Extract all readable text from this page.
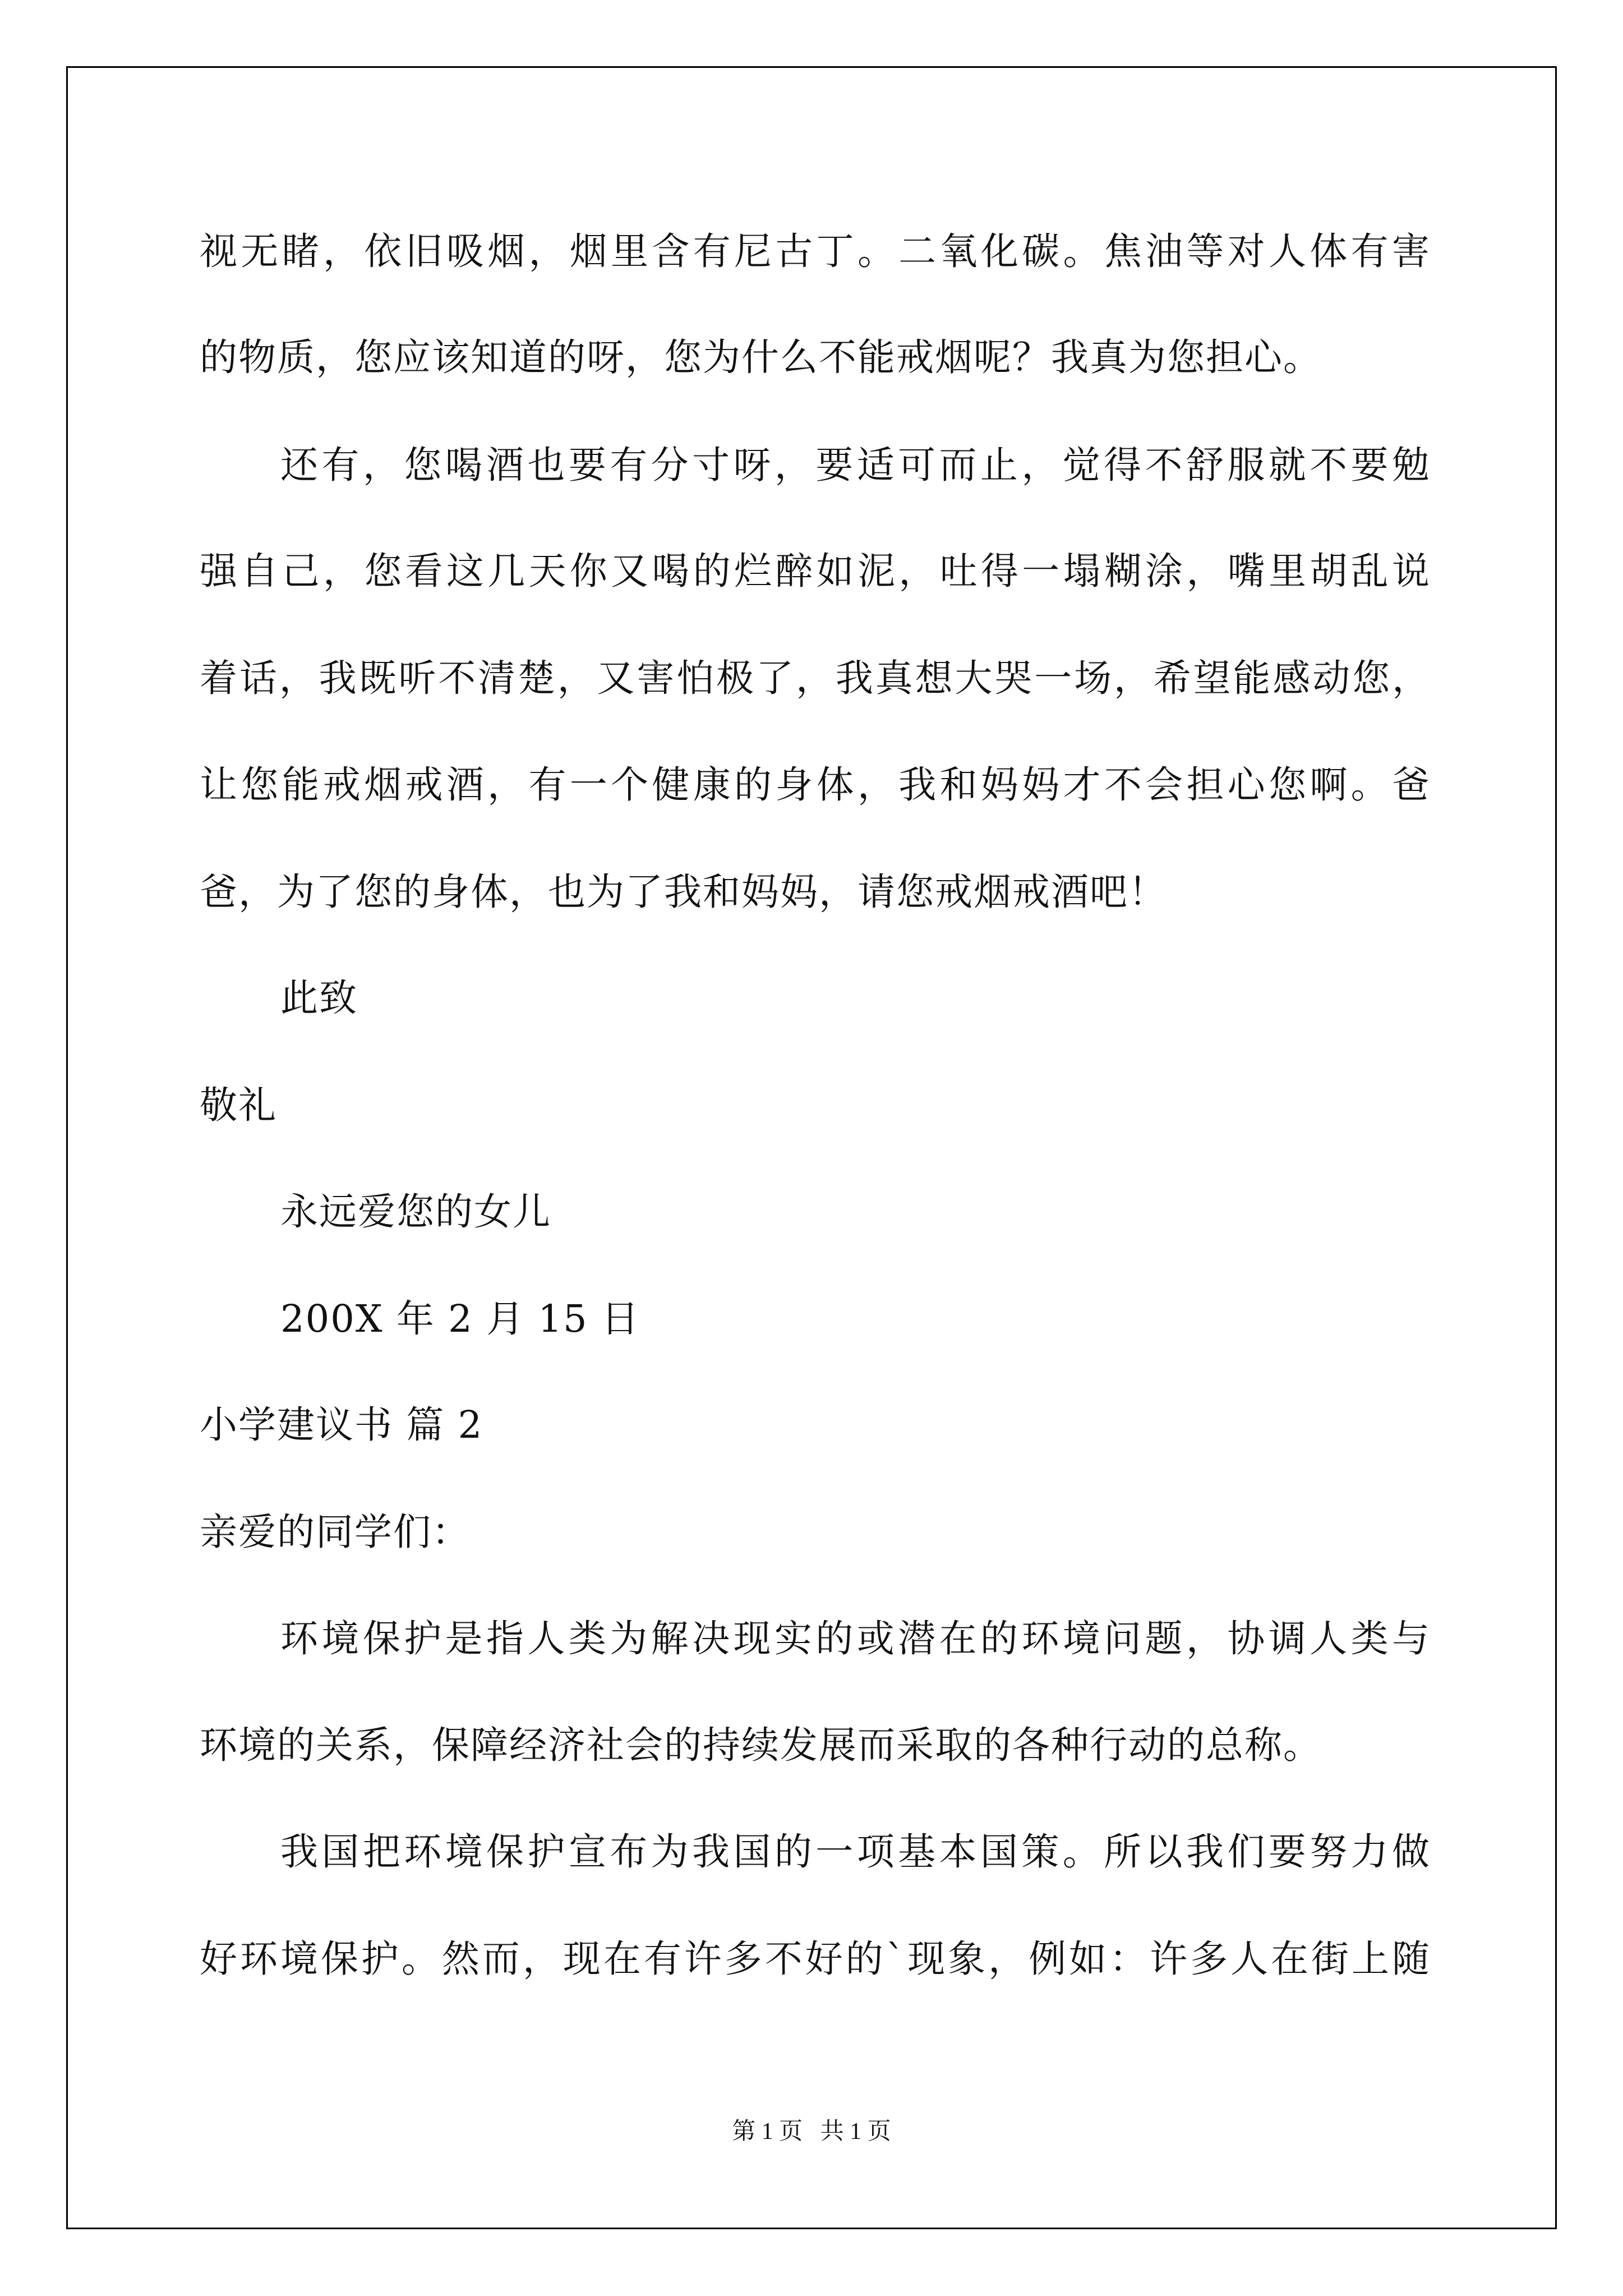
视无睹，依旧吸烟，烟里含有尼古丁。二氧化碳。焦油等对人体有害
的物质，您应该知道的呀，您为什么不能戒烟呢？我真为您担心。
还有，您喝酒也要有分寸呀，要适可而止，觉得不舒服就不要勉
强自己，您看这几天你又喝的烂醉如泥，吐得一塌糊涂，嘴里胡乱说
着话，我既听不清楚，又害怕极了，我真想大哭一场，希望能感动您，
让您能戒烟戒酒，有一个健康的身体，我和妈妈才不会担心您啊。爸
爸，为了您的身体，也为了我和妈妈，请您戒烟戒酒吧！
此致
敬礼
永远爱您的女儿
200X 年 2 月 15 日
小学建议书 篇 2
亲爱的同学们：
环境保护是指人类为解决现实的或潜在的环境问题，协调人类与
环境的关系，保障经济社会的持续发展而采取的各种行动的总称。
我国把环境保护宣布为我国的一项基本国策。所以我们要努力做
好环境保护。然而，现在有许多不好的`现象，例如：许多人在街上随
第 1 页   共 1 页
